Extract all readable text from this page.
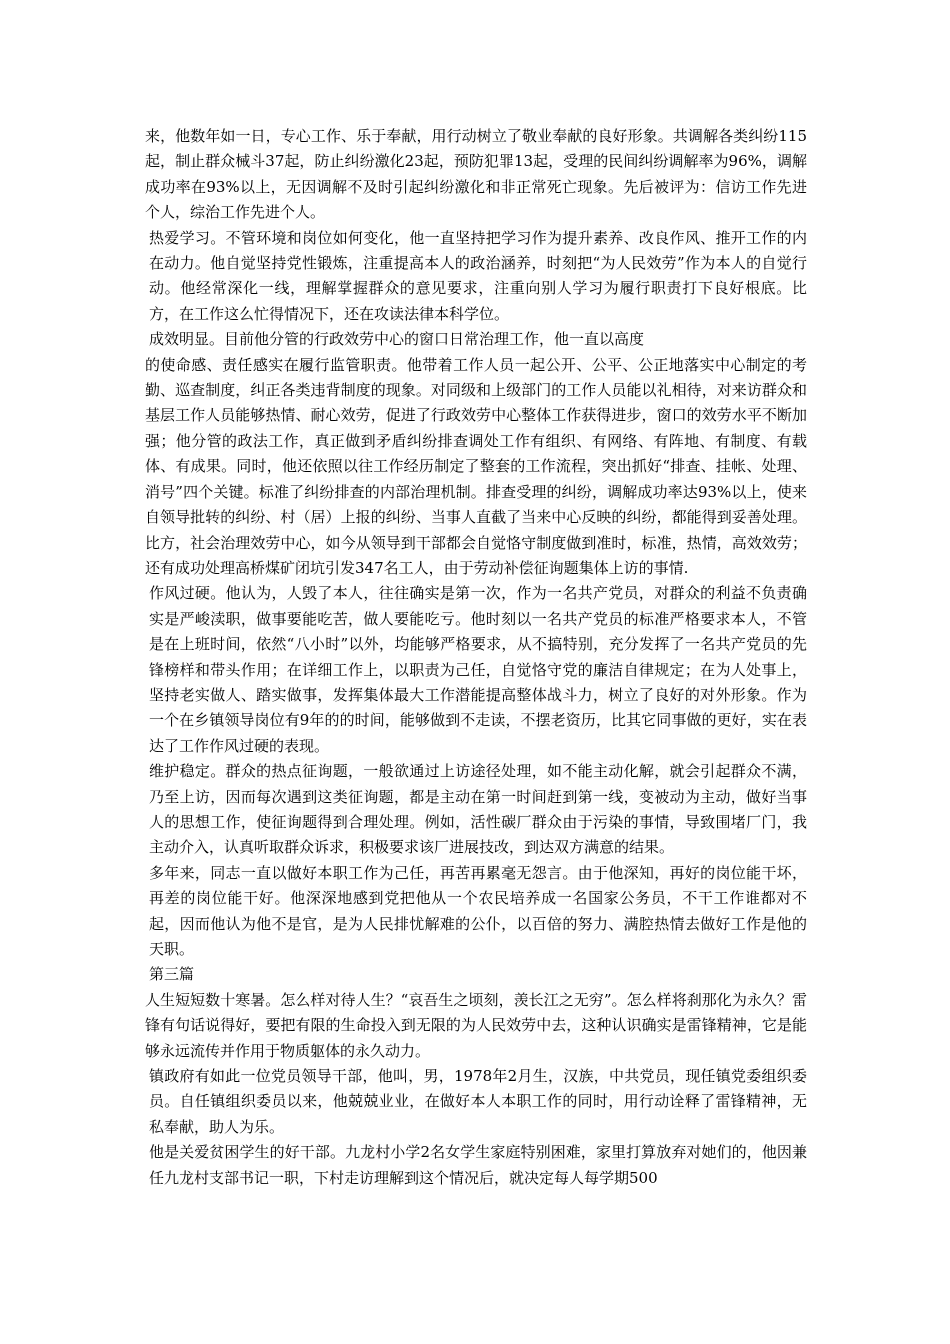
来，他数年如一日，专心工作、乐于奉献，用行动树立了敬业奉献的良好形象。共调解各类纠纷115起，制止群众械斗37起，防止纠纷激化23起，预防犯罪13起，受理的民间纠纷调解率为96%，调解成功率在93%以上，无因调解不及时引起纠纷激化和非正常死亡现象。先后被评为：信访工作先进个人，综治工作先进个人。

热爱学习。不管环境和岗位如何变化，他一直坚持把学习作为提升素养、改良作风、推开工作的内在动力。他自觉坚持党性锻炼，注重提高本人的政治涵养，时刻把“为人民效劳”作为本人的自觉行动。他经常深化一线，理解掌握群众的意见要求，注重向别人学习为履行职责打下良好根底。比方，在工作这么忙得情况下，还在攻读法律本科学位。

成效明显。目前他分管的行政效劳中心的窗口日常治理工作，他一直以高度

的使命感、责任感实在履行监管职责。他带着工作人员一起公开、公平、公正地落实中心制定的考勤、巡查制度，纠正各类违背制度的现象。对同级和上级部门的工作人员能以礼相待，对来访群众和基层工作人员能够热情、耐心效劳，促进了行政效劳中心整体工作获得进步，窗口的效劳水平不断加强；他分管的政法工作，真正做到矛盾纠纷排查调处工作有组织、有网络、有阵地、有制度、有载体、有成果。同时，他还依照以往工作经历制定了整套的工作流程，突出抓好“排查、挂帐、处理、消号”四个关键。标准了纠纷排查的内部治理机制。排查受理的纠纷，调解成功率达93%以上，使来自领导批转的纠纷、村（居）上报的纠纷、当事人直截了当来中心反映的纠纷，都能得到妥善处理。比方，社会治理效劳中心，如今从领导到干部都会自觉恪守制度做到准时，标准，热情，高效效劳；还有成功处理高桥煤矿闭坑引发347名工人，由于劳动补偿征询题集体上访的事情.

作风过硬。他认为，人毁了本人，往往确实是第一次，作为一名共产党员，对群众的利益不负责确实是严峻渎职，做事要能吃苦，做人要能吃亏。他时刻以一名共产党员的标准严格要求本人，不管是在上班时间，依然“八小时”以外，均能够严格要求，从不搞特别，充分发挥了一名共产党员的先锋榜样和带头作用；在详细工作上，以职责为己任，自觉恪守党的廉洁自律规定；在为人处事上，坚持老实做人、踏实做事，发挥集体最大工作潜能提高整体战斗力，树立了良好的对外形象。作为一个在乡镇领导岗位有9年的的时间，能够做到不走读，不摆老资历，比其它同事做的更好，实在表达了工作作风过硬的表现。

维护稳定。群众的热点征询题，一般欲通过上访途径处理，如不能主动化解，就会引起群众不满，乃至上访，因而每次遇到这类征询题，都是主动在第一时间赶到第一线，变被动为主动，做好当事人的思想工作，使征询题得到合理处理。例如，活性碳厂群众由于污染的事情，导致围堵厂门，我主动介入，认真听取群众诉求，积极要求该厂进展技改，到达双方满意的结果。

多年来，同志一直以做好本职工作为己任，再苦再累毫无怨言。由于他深知，再好的岗位能干坏，再差的岗位能干好。他深深地感到党把他从一个农民培养成一名国家公务员，不干工作谁都对不起，因而他认为他不是官，是为人民排忧解难的公仆，以百倍的努力、满腔热情去做好工作是他的天职。

第三篇

人生短短数十寒暑。怎么样对待人生？“哀吾生之顷刻，羡长江之无穷”。怎么样将刹那化为永久？雷锋有句话说得好，要把有限的生命投入到无限的为人民效劳中去，这种认识确实是雷锋精神，它是能够永远流传并作用于物质躯体的永久动力。

镇政府有如此一位党员领导干部，他叫，男，1978年2月生，汉族，中共党员，现任镇党委组织委员。自任镇组织委员以来，他兢兢业业，在做好本人本职工作的同时，用行动诠释了雷锋精神，无私奉献，助人为乐。

他是关爱贫困学生的好干部。九龙村小学2名女学生家庭特别困难，家里打算放弃对她们的，他因兼任九龙村支部书记一职，下村走访理解到这个情况后，就决定每人每学期500
